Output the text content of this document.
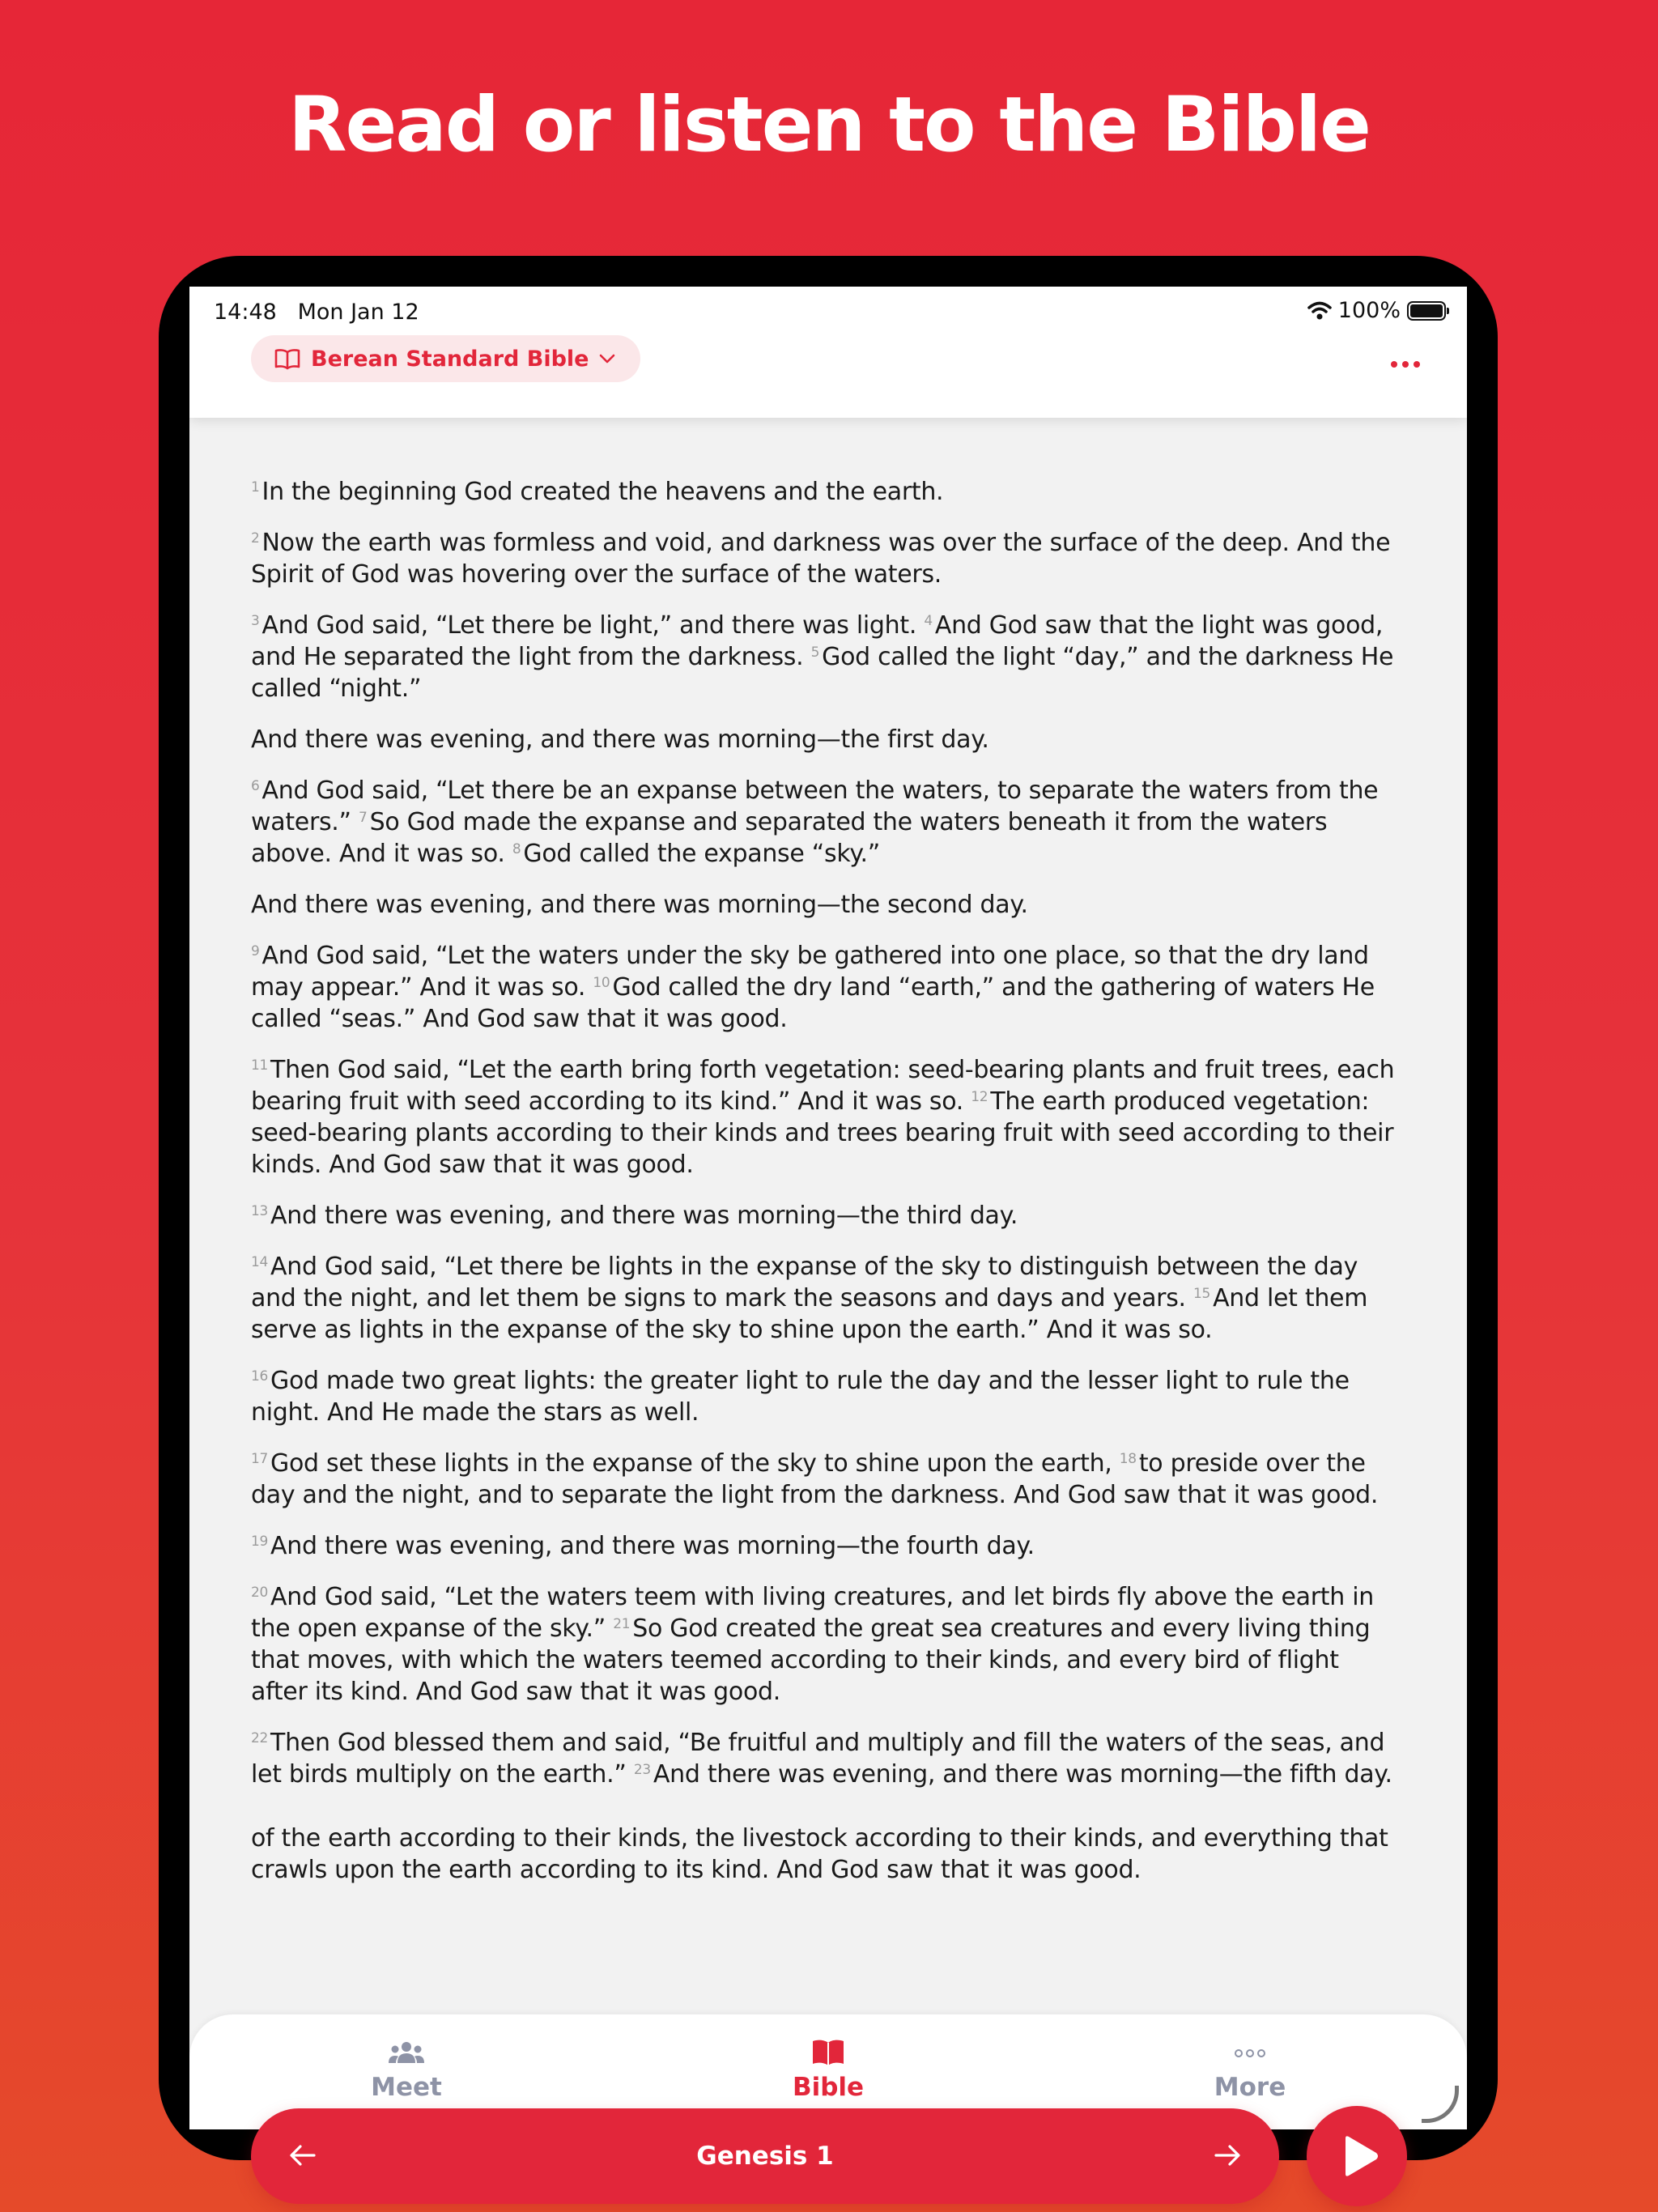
Read or listen to the Bible
14:48 Mon Jan 12	100%
Berean Standard Bible

$^1$ In the beginning God created the heavens and the earth.

$^2$ Now the earth was formless and void, and darkness was over the surface of the deep. And the Spirit of God was hovering over the surface of the waters.

$^3$ And God said, “Let there be light,” and there was light. $^4$ And God saw that the light was good, and He separated the light from the darkness. $^5$ God called the light “day,” and the darkness He called “night.”

And there was evening, and there was morning—the first day.

$^6$ And God said, “Let there be an expanse between the waters, to separate the waters from the waters.” $^7$ So God made the expanse and separated the waters beneath it from the waters above. And it was so. $^8$ God called the expanse “sky.”

And there was evening, and there was morning—the second day.

$^9$ And God said, “Let the waters under the sky be gathered into one place, so that the dry land may appear.” And it was so. $^{10}$ God called the dry land “earth,” and the gathering of waters He called “seas.” And God saw that it was good.

$^{11}$ Then God said, “Let the earth bring forth vegetation: seed-bearing plants and fruit trees, each bearing fruit with seed according to its kind.” And it was so. $^{12}$ The earth produced vegetation: seed-bearing plants according to their kinds and trees bearing fruit with seed according to their kinds. And God saw that it was good.

$^{13}$ And there was evening, and there was morning—the third day.

$^{14}$ And God said, “Let there be lights in the expanse of the sky to distinguish between the day and the night, and let them be signs to mark the seasons and days and years. $^{15}$ And let them serve as lights in the expanse of the sky to shine upon the earth.” And it was so.

$^{16}$ God made two great lights: the greater light to rule the day and the lesser light to rule the night. And He made the stars as well.

$^{17}$ God set these lights in the expanse of the sky to shine upon the earth, $^{18}$ to preside over the day and the night, and to separate the light from the darkness. And God saw that it was good.

$^{19}$ And there was evening, and there was morning—the fourth day.

$^{20}$ And God said, “Let the waters teem with living creatures, and let birds fly above the earth in the open expanse of the sky.” $^{21}$ So God created the great sea creatures and every living thing that moves, with which the waters teemed according to their kinds, and every bird of flight after its kind. And God saw that it was good.

$^{22}$ Then God blessed them and said, “Be fruitful and multiply and fill the waters of the seas, and let birds multiply on the earth.” $^{23}$ And there was evening, and there was morning—the fifth day.

of the earth according to their kinds, the livestock according to their kinds, and everything that crawls upon the earth according to its kind. And God saw that it was good.

Genesis 1
Meet	Bible	More
